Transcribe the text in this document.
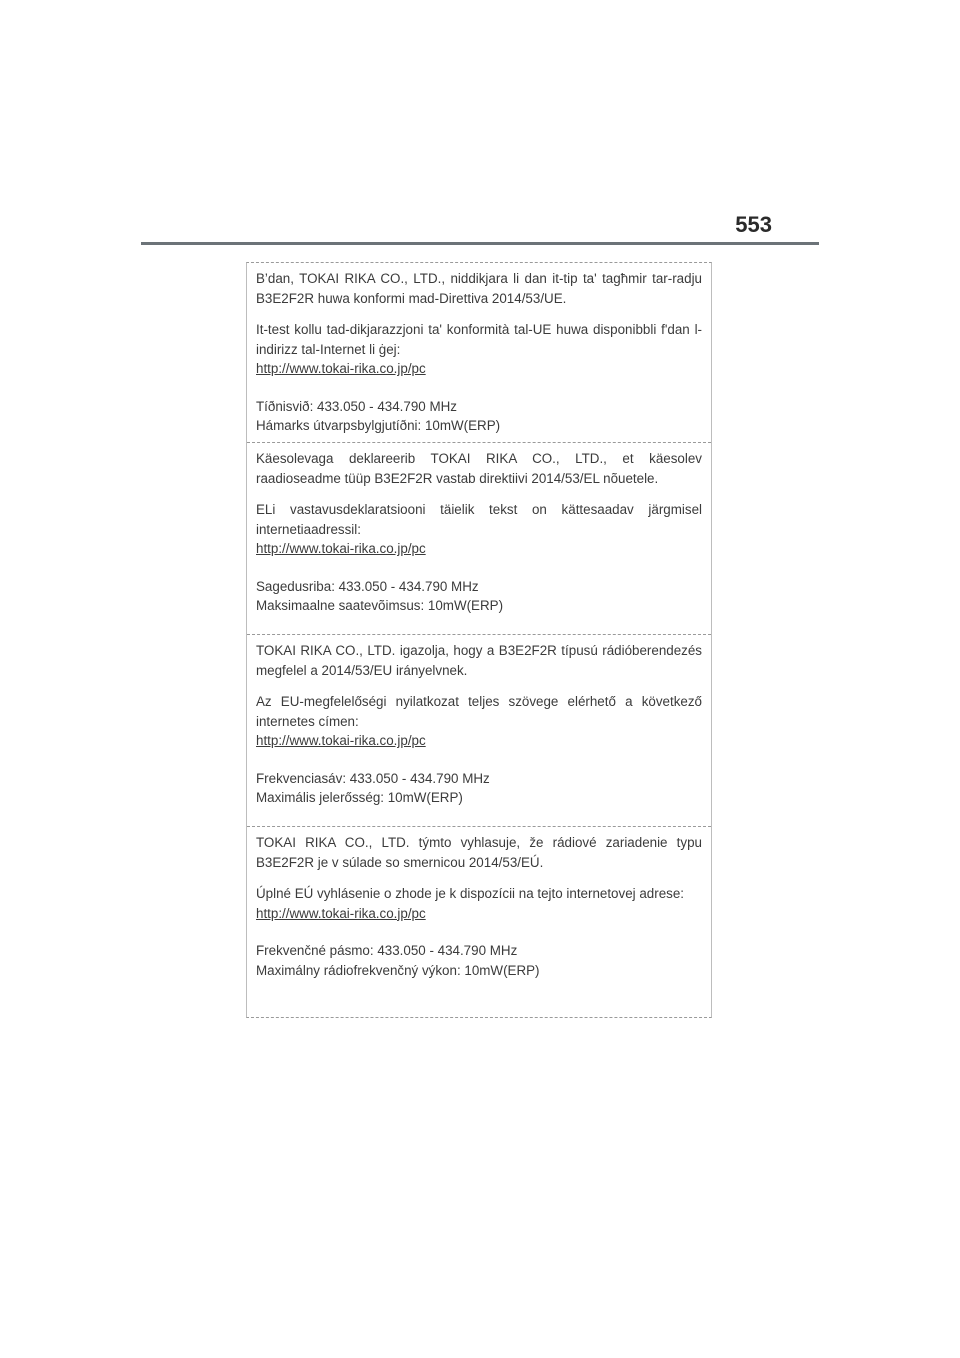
553

B’dan, TOKAI RIKA CO., LTD., niddikjara li dan it-tip ta' tagħmir tar-radju B3E2F2R huwa konformi mad-Direttiva 2014/53/UE.

It-test kollu tad-dikjarazzjoni ta' konformità tal-UE huwa disponibbli f'dan l-indirizz tal-Internet li ġej:

http://www.tokai-rika.co.jp/pc

Tíðnisvið: 433.050 - 434.790 MHz

Hámarks útvarpsbylgjutíðni: 10mW(ERP)

Käesolevaga deklareerib TOKAI RIKA CO., LTD., et käesolev raadioseadme tüüp B3E2F2R vastab direktiivi 2014/53/EL nõuetele.

ELi vastavusdeklaratsiooni täielik tekst on kättesaadav järgmisel internetiaadressil:

http://www.tokai-rika.co.jp/pc

Sagedusriba: 433.050 - 434.790 MHz

Maksimaalne saatevõimsus: 10mW(ERP)

TOKAI RIKA CO., LTD. igazolja, hogy a B3E2F2R típusú rádióberendezés megfelel a 2014/53/EU irányelvnek.

Az EU-megfelelőségi nyilatkozat teljes szövege elérhető a következő internetes címen:

http://www.tokai-rika.co.jp/pc

Frekvenciasáv: 433.050 - 434.790 MHz

Maximális jelerősség: 10mW(ERP)

TOKAI RIKA CO., LTD. týmto vyhlasuje, že rádiové zariadenie typu B3E2F2R je v súlade so smernicou 2014/53/EÚ.

Úplné EÚ vyhlásenie o zhode je k dispozícii na tejto internetovej adrese:

http://www.tokai-rika.co.jp/pc

Frekvenčné pásmo: 433.050 - 434.790 MHz

Maximálny rádiofrekvenčný výkon: 10mW(ERP)
